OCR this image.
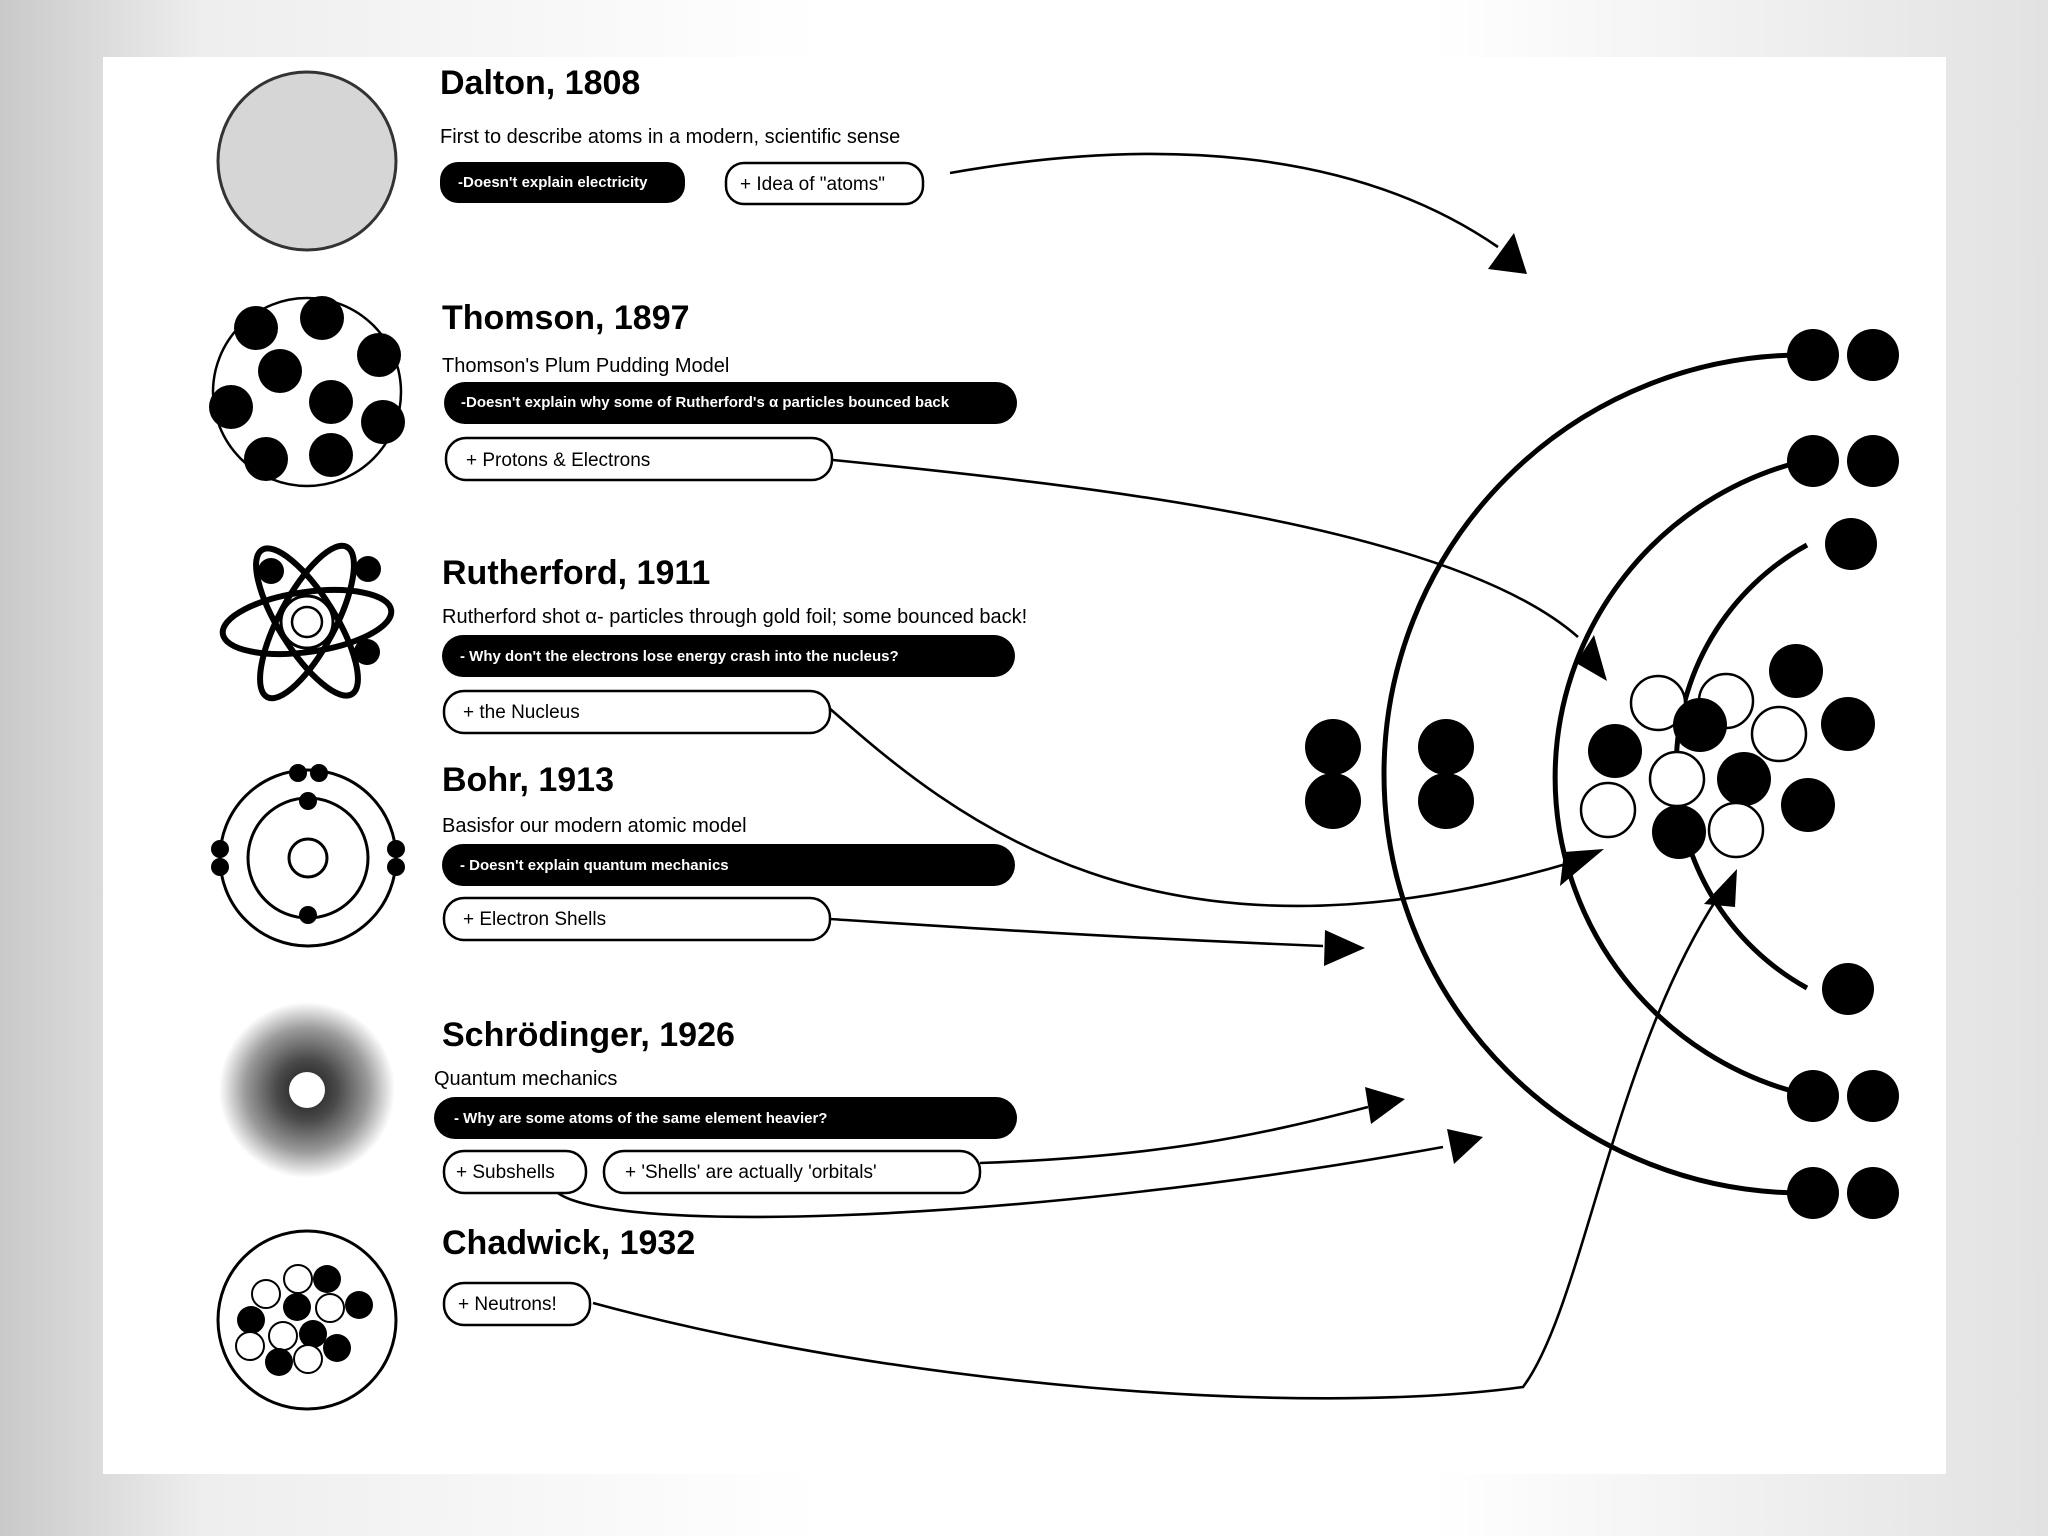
Dalton, 1808
First to describe atoms in a modern, scientific sense
-Doesn't explain electricity	+ Idea of "atoms"
Thomson, 1897
Thomson's Plum Pudding Model
-Doesn't explain why some of Rutherford's α particles bounced back
+ Protons & Electrons
Rutherford, 1911
Rutherford shot α- particles through gold foil; some bounced back!
- Why don't the electrons lose energy crash into the nucleus?
+ the Nucleus
Bohr, 1913
Basisfor our modern atomic model
- Doesn't explain quantum mechanics
+ Electron Shells
Schrödinger, 1926
Quantum mechanics
- Why are some atoms of the same element heavier?
+ Subshells	+ 'Shells' are actually 'orbitals'
Chadwick, 1932
+ Neutrons!
